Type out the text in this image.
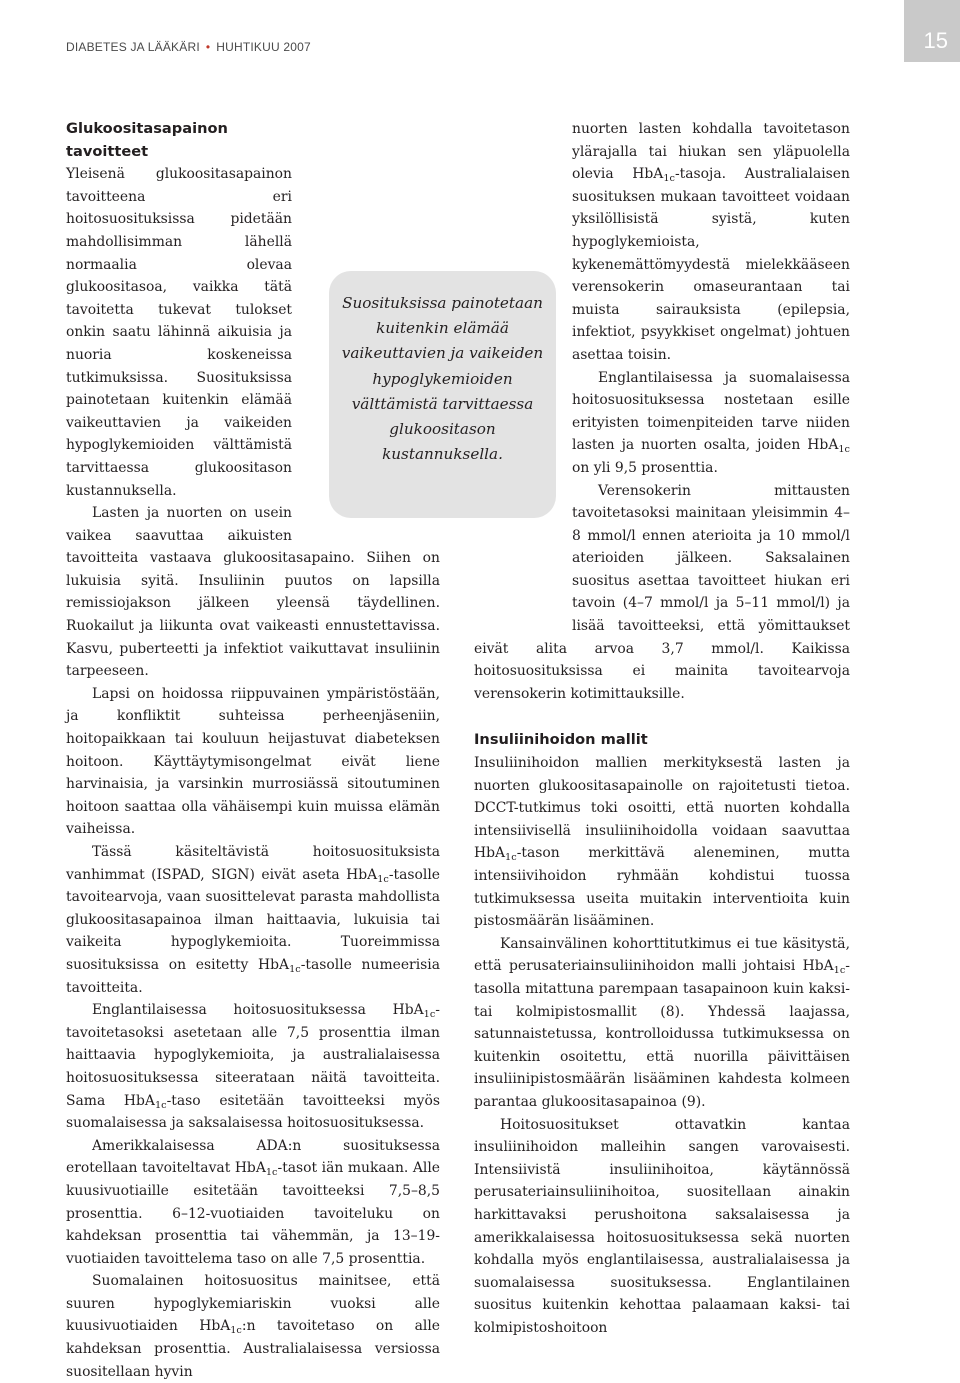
DIABETES JA LÄÄKÄRI • HUHTIKUU 2007	15
Glukoositasapainon tavoitteet

Yleisenä glukoositasapainon tavoitteena eri hoitosuosituksissa pidetään mahdollisimman lähellä normaalia olevaa glukoositasoa, vaikka tätä tavoitetta tukevat tulokset onkin saatu lähinnä aikuisia ja nuoria koskeneissa tutkimuksissa. Suosituksissa painotetaan kuitenkin elämää vaikeuttavien ja vaikeiden hypoglykemioiden välttämistä tarvittaessa glukoositason kustannuksella.

Lasten ja nuorten on usein vaikea saavuttaa aikuisten tavoitteita vastaava glukoositasapaino. Siihen on lukuisia syitä. Insuliinin puutos on lapsilla remissiojakson jälkeen yleensä täydellinen. Ruokailut ja liikunta ovat vaikeasti ennustettavissa. Kasvu, puberteetti ja infektiot vaikuttavat insuliinin tarpeeseen.

Lapsi on hoidossa riippuvainen ympäristöstään, ja konfliktit suhteissa perheenjäseniin, hoitopaikkaan tai kouluun heijastuvat diabeteksen hoitoon. Käyttäytymisongelmat eivät liene harvinaisia, ja varsinkin murrosiässä sitoutuminen hoitoon saattaa olla vähäisempi kuin muissa elämän vaiheissa.

Tässä käsiteltävistä hoitosuosituksista vanhimmat (ISPAD, SIGN) eivät aseta HbA$_{1c}$-tasolle tavoitearvoja, vaan suosittelevat parasta mahdollista glukoositasapainoa ilman haittaavia, lukuisia tai vaikeita hypoglykemioita. Tuoreimmissa suosituksissa on esitetty HbA$_{1c}$-tasolle numeerisia tavoitteita.

Englantilaisessa hoitosuosituksessa HbA$_{1c}$-tavoitetasoksi asetetaan alle 7,5 prosenttia ilman haittaavia hypoglykemioita, ja australialaisessa hoitosuosituksessa siteerataan näitä tavoitteita. Sama HbA$_{1c}$-taso esitetään tavoitteeksi myös suomalaisessa ja saksalaisessa hoitosuosituksessa.

Amerikkalaisessa ADA:n suosituksessa erotellaan tavoiteltavat HbA$_{1c}$-tasot iän mukaan. Alle kuusivuotiaille esitetään tavoitteeksi 7,5–8,5 prosenttia. 6–12-vuotiaiden tavoiteluku on kahdeksan prosenttia tai vähemmän, ja 13–19-vuotiaiden tavoittelema taso on alle 7,5 prosenttia.

Suomalainen hoitosuositus mainitsee, että suuren hypoglykemiariskin vuoksi alle kuusivuotiaiden HbA$_{1c}$:n tavoitetaso on alle kahdeksan prosenttia. Australialaisessa versiossa suositellaan hyvin

nuorten lasten kohdalla tavoitetason ylärajalla tai hiukan sen yläpuolella olevia HbA$_{1c}$-tasoja. Australialaisen suosituksen mukaan tavoitteet voidaan yksilöllisistä syistä, kuten hypoglykemioista, kykenemättömyydestä mielekkääseen verensokerin omaseurantaan tai muista sairauksista (epilepsia, infektiot, psyykkiset ongelmat) johtuen asettaa toisin.

Englantilaisessa ja suomalaisessa hoitosuosituksessa nostetaan esille erityisten toimenpiteiden tarve niiden lasten ja nuorten osalta, joiden HbA$_{1c}$ on yli 9,5 prosenttia.

Verensokerin mittausten tavoitetasoksi mainitaan yleisimmin 4–8 mmol/l ennen aterioita ja 10 mmol/l aterioiden jälkeen. Saksalainen suositus asettaa tavoitteet hiukan eri tavoin (4–7 mmol/l ja 5–11 mmol/l) ja lisää tavoitteeksi, että yömittaukset eivät alita arvoa 3,7 mmol/l. Kaikissa hoitosuosituksissa ei mainita tavoitearvoja verensokerin kotimittauksille.

Insuliinihoidon mallit

Insuliinihoidon mallien merkityksestä lasten ja nuorten glukoositasapainolle on rajoitetusti tietoa. DCCT-tutkimus toki osoitti, että nuorten kohdalla intensiivisellä insuliinihoidolla voidaan saavuttaa HbA$_{1c}$-tason merkittävä aleneminen, mutta intensiivihoidon ryhmään kohdistui tuossa tutkimuksessa useita muitakin interventioita kuin pistosmäärän lisääminen.

Kansainvälinen kohorttitutkimus ei tue käsitystä, että perusateriainsuliinihoidon malli johtaisi HbA$_{1c}$-tasolla mitattuna parempaan tasapainoon kuin kaksi- tai kolmipistosmallit (8). Yhdessä laajassa, satunnaistetussa, kontrolloidussa tutkimuksessa on kuitenkin osoitettu, että nuorilla päivittäisen insuliinipistosmäärän lisääminen kahdesta kolmeen parantaa glukoositasapainoa (9).

Hoitosuositukset ottavatkin kantaa insuliinihoidon malleihin sangen varovaisesti. Intensiivistä insuliinihoitoa, käytännössä perusateriainsuliinihoitoa, suositellaan ainakin harkittavaksi perushoitona saksalaisessa ja amerikkalaisessa hoitosuosituksessa sekä nuorten kohdalla myös englantilaisessa, australialaisessa ja suomalaisessa suosituksessa. Englantilainen suositus kuitenkin kehottaa palaamaan kaksi- tai kolmipistoshoitoon

Suosituksissa painotetaan kuitenkin elämää vaikeuttavien ja vaikeiden hypoglykemioiden välttämistä tarvittaessa glukoositason kustannuksella.
